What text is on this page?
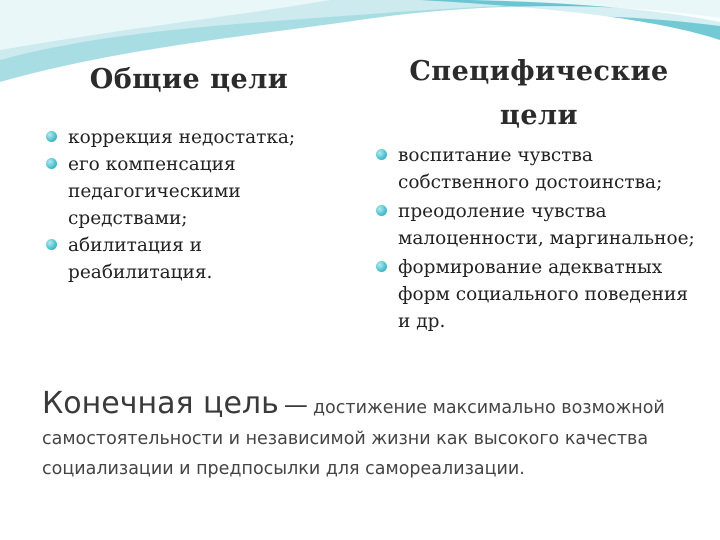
Общие цели
коррекция недостатка;
его компенсация педагогическими средствами;
абилитация и реабилитация.
Специфические
цели
воспитание чувства собственного достоинства;
преодоление чувства малоценности, маргинальное;
формирование адекватных форм социального поведения и др.
Конечная цель — достижение максимально возможной самостоятельности и независимой жизни как высокого качества социализации и предпосылки для самореализации.
